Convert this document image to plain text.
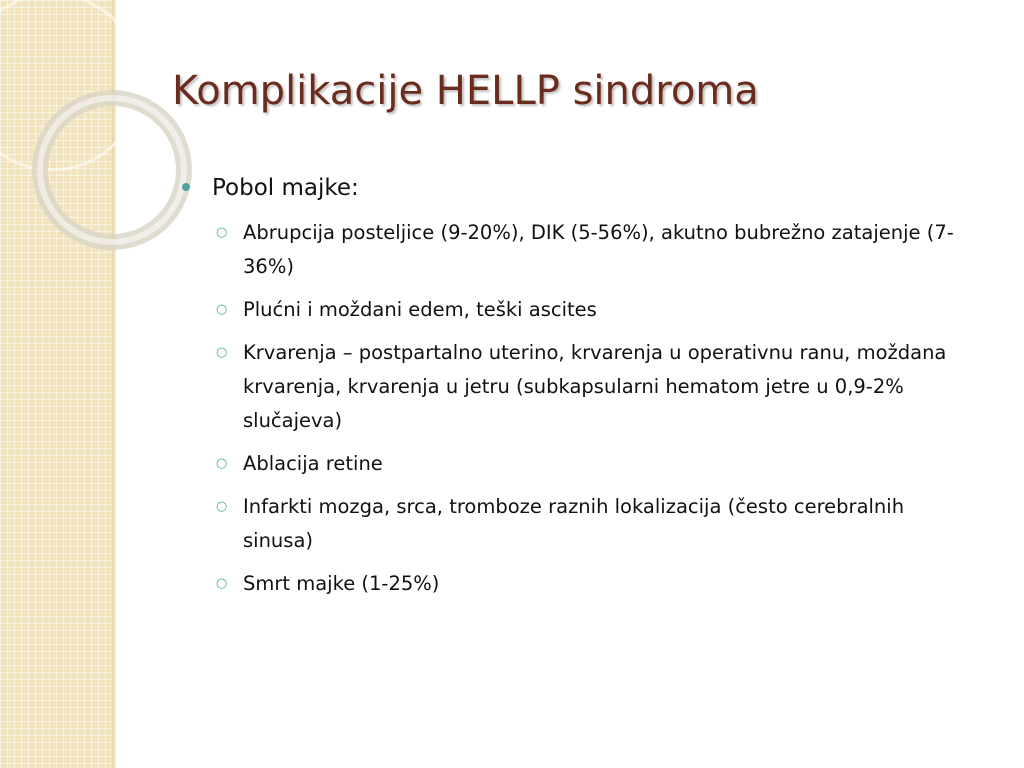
Komplikacije HELLP sindroma
Pobol majke:
○ Abrupcija posteljice (9-20%), DIK (5-56%), akutno bubrežno zatajenje (7-36%)
○ Plućni i moždani edem, teški ascites
○ Krvarenja – postpartalno uterino, krvarenja u operativnu ranu, moždana krvarenja, krvarenja u jetru (subkapsularni hematom jetre u 0,9-2% slučajeva)
○ Ablacija retine
○ Infarkti mozga, srca, tromboze raznih lokalizacija (često cerebralnih sinusa)
○ Smrt majke (1-25%)
